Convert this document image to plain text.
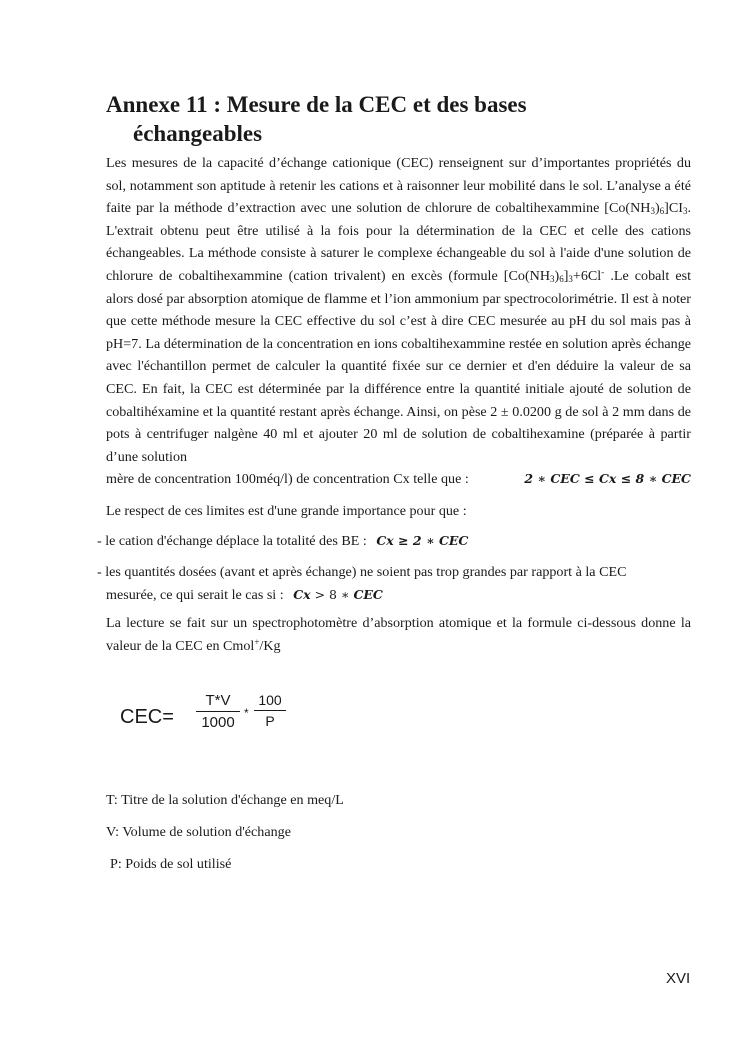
Annexe 11 : Mesure de la CEC et des bases
échangeables

Les mesures de la capacité d’échange cationique (CEC) renseignent sur d’importantes propriétés du sol, notamment son aptitude à retenir les cations et à raisonner leur mobilité dans le sol. L’analyse a été faite par la méthode d’extraction avec une solution de chlorure de cobaltihexammine $[Co(NH_3)_6]CI_3$. L'extrait obtenu peut être utilisé à la fois pour la détermination de la CEC et celle des cations échangeables. La méthode consiste à saturer le complexe échangeable du sol à l'aide d'une solution de chlorure de cobaltihexammine (cation trivalent) en excès (formule $[Co(NH_3)_6]_3+6Cl^-$ .Le cobalt est alors dosé par absorption atomique de flamme et l’ion ammonium par spectrocolorimétrie. Il est à noter que cette méthode mesure la CEC effective du sol c’est à dire CEC mesurée au pH du sol mais pas à pH=7. La détermination de la concentration en ions cobaltihexammine restée en solution après échange avec l'échantillon permet de calculer la quantité fixée sur ce dernier et d'en déduire la valeur de sa CEC. En fait, la CEC est déterminée par la différence entre la quantité initiale ajouté de solution de cobaltihéxamine et la quantité restant après échange. Ainsi, on pèse 2 ± 0.0200 g de sol à 2 mm dans de pots à centrifuger nalgène 40 ml et ajouter 20 ml de solution de cobaltihexamine (préparée à partir d’une solution
mère de concentration 100méq/l) de concentration Cx telle que :	2 ∗ CEC ≤ Cx ≤ 8 ∗ CEC

Le respect de ces limites est d'une grande importance pour que :

- le cation d'échange déplace la totalité des BE : Cx ≥ 2 ∗ CEC

- les quantités dosées (avant et après échange) ne soient pas trop grandes par rapport à la CEC
mesurée, ce qui serait le cas si : Cx > 8 ∗ CEC

La lecture se fait sur un spectrophotomètre d’absorption atomique et la formule ci-dessous donne la valeur de la CEC en Cmol+/Kg

$CEC= \frac{T*V}{1000} * \frac{100}{P}$

T: Titre de la solution d'échange en meq/L

V: Volume de solution d'échange

P: Poids de sol utilisé

XVI
